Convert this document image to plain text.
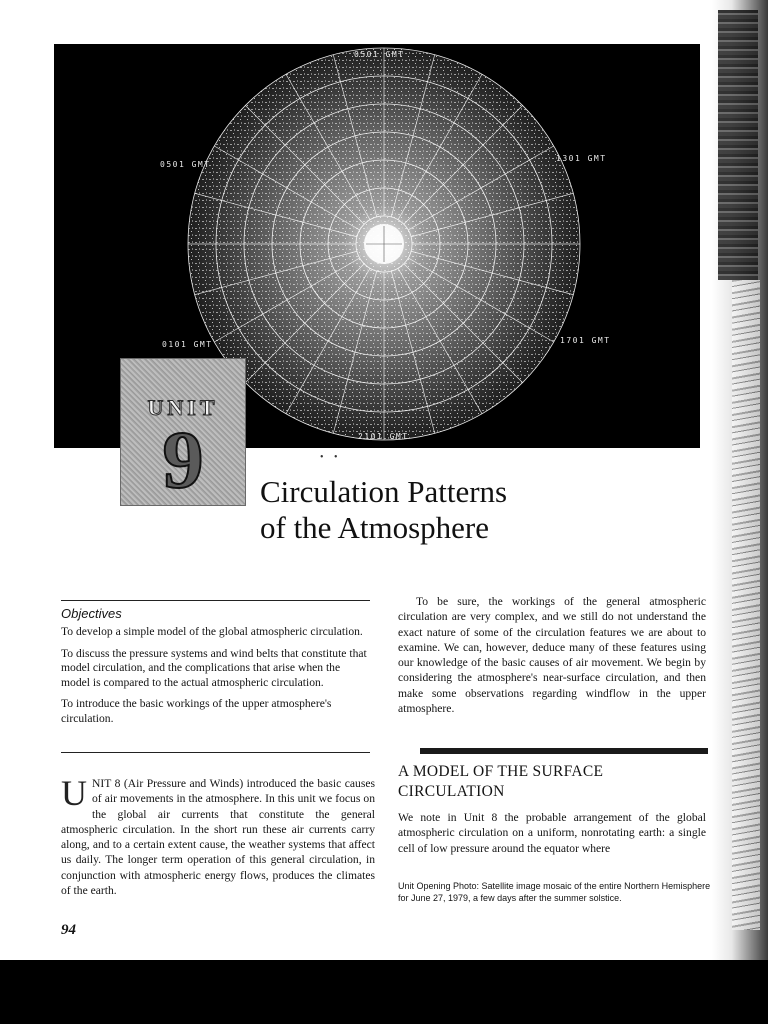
0501 GMT
0501 GMT
1301 GMT
0101 GMT	1701 GMT
2101 GMT
UNIT
9	• •
Circulation Patterns
of the Atmosphere
Objectives

To develop a simple model of the global atmospheric circulation.

To discuss the pressure systems and wind belts that constitute that model circulation, and the complications that arise when the model is compared to the actual atmospheric circulation.

To introduce the basic workings of the upper atmosphere's circulation.

U NIT 8 (Air Pressure and Winds) introduced the basic causes of air movements in the atmosphere. In this unit we focus on the global air currents that constitute the general atmospheric circulation. In the short run these air currents carry along, and to a certain extent cause, the weather systems that affect us daily. The longer term operation of this general circulation, in conjunction with atmospheric energy flows, produces the climates of the earth.

To be sure, the workings of the general atmospheric circulation are very complex, and we still do not understand the exact nature of some of the circulation features we are about to examine. We can, however, deduce many of these features using our knowledge of the basic causes of air movement. We begin by considering the atmosphere's near-surface circulation, and then make some observations regarding windflow in the upper atmosphere.

A MODEL OF THE SURFACE CIRCULATION

We note in Unit 8 the probable arrangement of the global atmospheric circulation on a uniform, nonrotating earth: a single cell of low pressure around the equator where

Unit Opening Photo: Satellite image mosaic of the entire Northern Hemisphere for June 27, 1979, a few days after the summer solstice.
94
